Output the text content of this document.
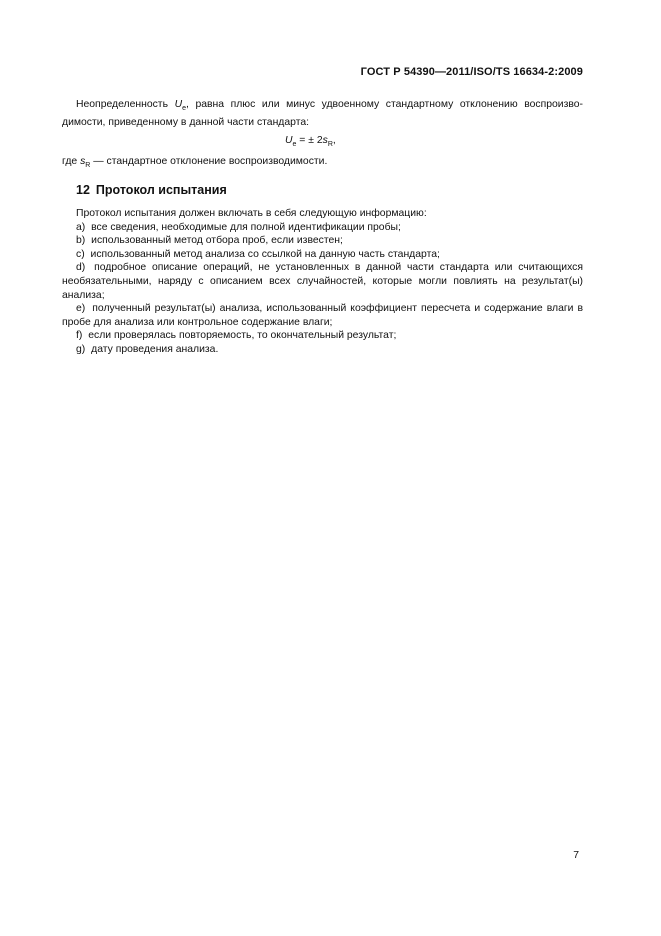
ГОСТ Р 54390—2011/ISO/TS 16634-2:2009

Неопределенность $U_e$, равна плюс или минус удвоенному стандартному отклонению воспроизво-димости, приведенному в данной части стандарта:

$U_e$ = ± $2s_R$,
где $s_R$ — стандартное отклонение воспроизводимости.
12 Протокол испытания

Протокол испытания должен включать в себя следующую информацию:

a) все сведения, необходимые для полной идентификации пробы;

b) использованный метод отбора проб, если известен;

c) использованный метод анализа со ссылкой на данную часть стандарта;

d) подробное описание операций, не установленных в данной части стандарта или считающихся необязательными, наряду с описанием всех случайностей, которые могли повлиять на результат(ы) анализа;

e) полученный результат(ы) анализа, использованный коэффициент пересчета и содержание влаги в пробе для анализа или контрольное содержание влаги;

f) если проверялась повторяемость, то окончательный результат;

g) дату проведения анализа.

7
